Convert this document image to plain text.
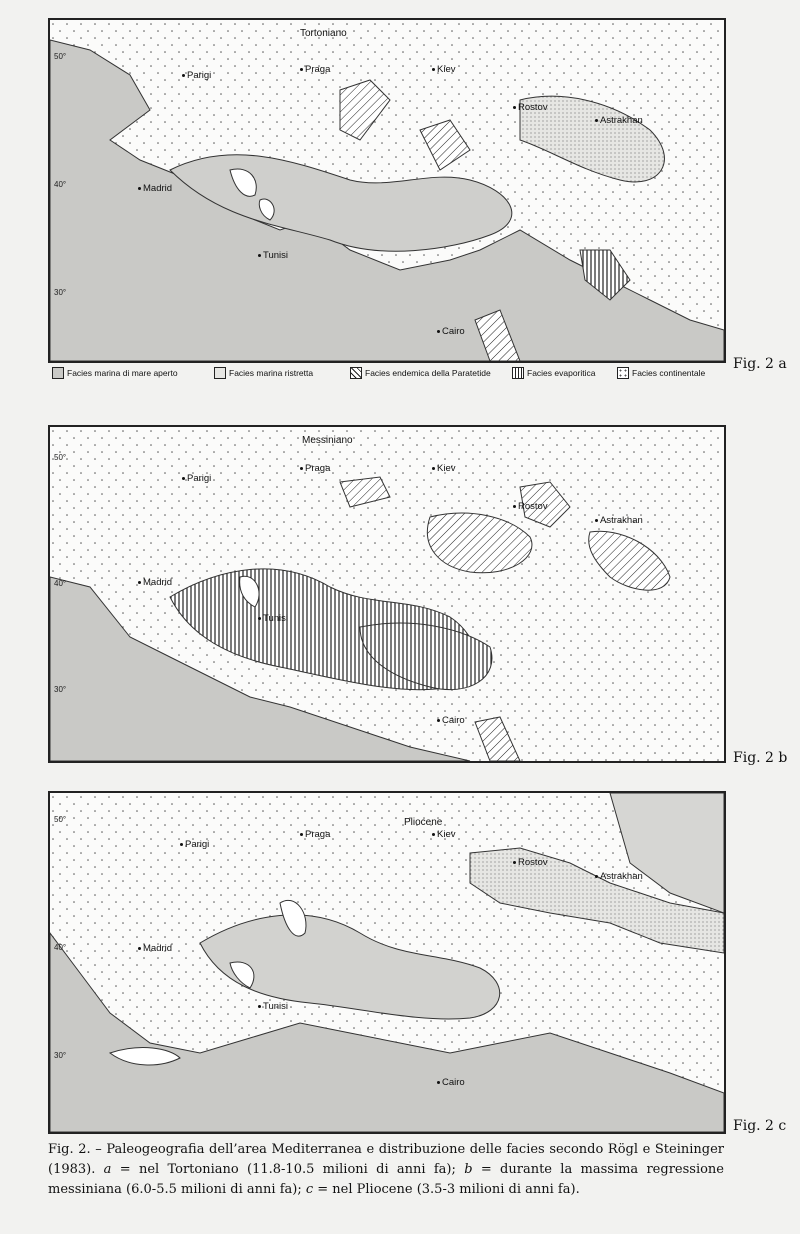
Tortoniano
50°
40°
30°
Parigi
Praga	Kiev
Rostov
Astrakhan
Madrid
Tunisi
Cairo
Facies marina di mare aperto	Facies marina ristretta	Facies endemica della Paratetide	Facies evaporitica	Facies continentale
Fig. 2 a
Messiniano
50°
40°
30°
Parigi
Praga	Kiev
Rostov
Astrakhan
Madrid
Tunisi
Cairo
Fig. 2 b
Pliocene
50°
40°
30°
Parigi
Praga	Kiev
Rostov
Astrakhan
Madrid
Tunisi
Cairo
Fig. 2 c
Fig. 2. – Paleogeografia dell’area Mediterranea e distribuzione delle facies secondo Rögl e Steininger (1983). a = nel Tortoniano (11.8-10.5 milioni di anni fa); b = durante la massima regressione messiniana (6.0-5.5 milioni di anni fa); c = nel Pliocene (3.5-3 milioni di anni fa).
